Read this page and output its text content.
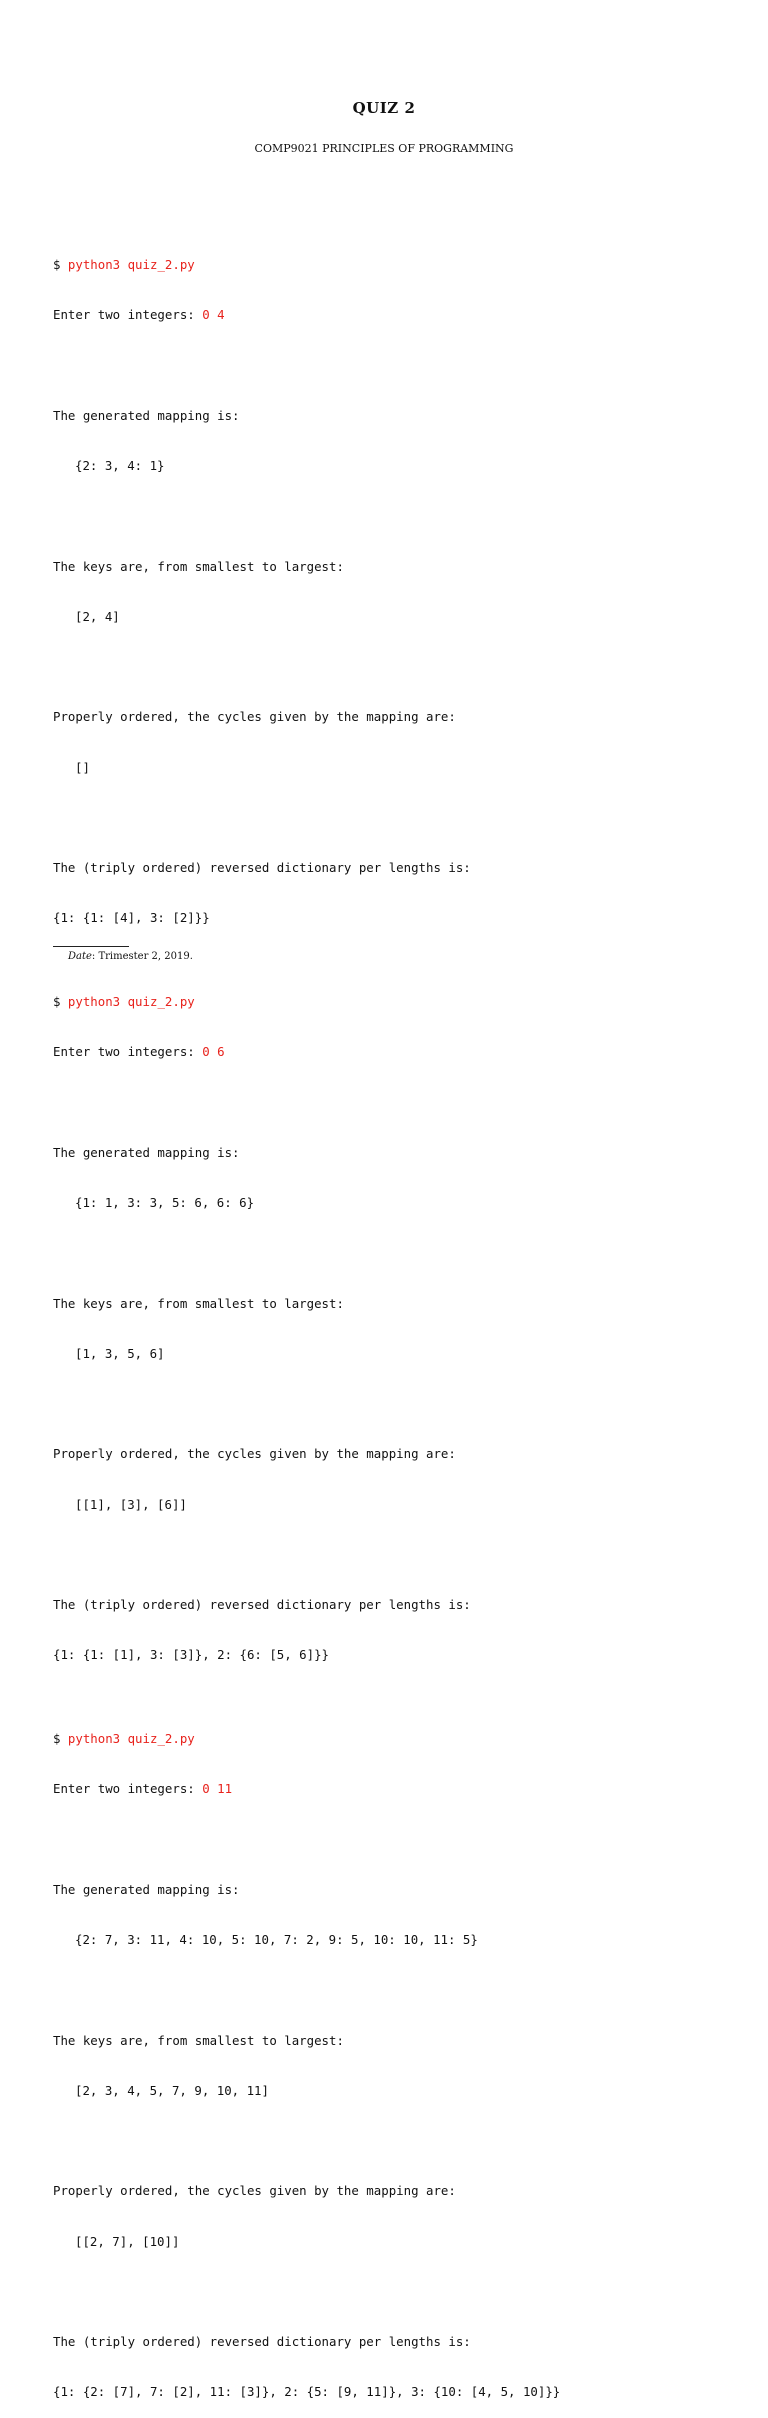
QUIZ 2
COMP9021 PRINCIPLES OF PROGRAMMING

$ python3 quiz_2.py

Enter two integers: 0 4

The generated mapping is:

{2: 3, 4: 1}

The keys are, from smallest to largest:

[2, 4]

Properly ordered, the cycles given by the mapping are:

[]

The (triply ordered) reversed dictionary per lengths is:

{1: {1: [4], 3: [2]}}

$ python3 quiz_2.py

Enter two integers: 0 6

The generated mapping is:

{1: 1, 3: 3, 5: 6, 6: 6}

The keys are, from smallest to largest:

[1, 3, 5, 6]

Properly ordered, the cycles given by the mapping are:

[[1], [3], [6]]

The (triply ordered) reversed dictionary per lengths is:

{1: {1: [1], 3: [3]}, 2: {6: [5, 6]}}

$ python3 quiz_2.py

Enter two integers: 0 11

The generated mapping is:

{2: 7, 3: 11, 4: 10, 5: 10, 7: 2, 9: 5, 10: 10, 11: 5}

The keys are, from smallest to largest:

[2, 3, 4, 5, 7, 9, 10, 11]

Properly ordered, the cycles given by the mapping are:

[[2, 7], [10]]

The (triply ordered) reversed dictionary per lengths is:

{1: {2: [7], 7: [2], 11: [3]}, 2: {5: [9, 11]}, 3: {10: [4, 5, 10]}}

Date: Trimester 2, 2019.
